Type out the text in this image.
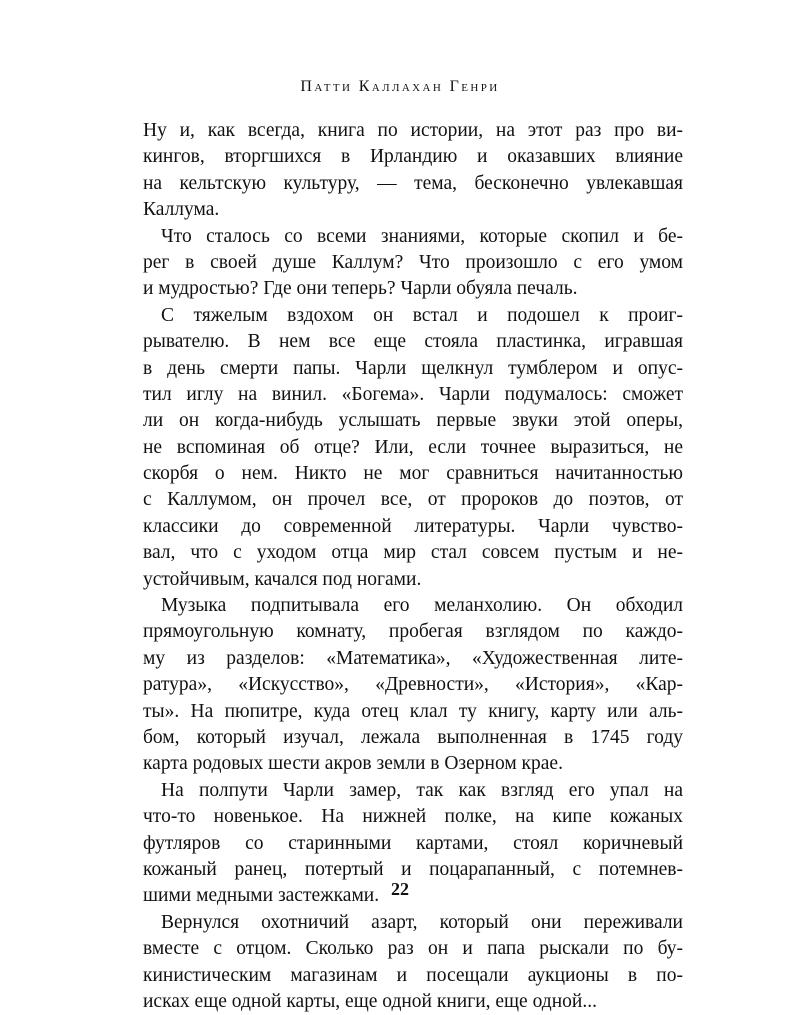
Патти Каллахан Генри
Ну и, как всегда, книга по истории, на этот раз про ви-
кингов, вторгшихся в Ирландию и оказавших влияние
на кельтскую культуру, — тема, бесконечно увлекавшая
Каллума.
Что сталось со всеми знаниями, которые скопил и бе-
рег в своей душе Каллум? Что произошло с его умом
и мудростью? Где они теперь? Чарли обуяла печаль.
С тяжелым вздохом он встал и подошел к проиг-
рывателю. В нем все еще стояла пластинка, игравшая
в день смерти папы. Чарли щелкнул тумблером и опус-
тил иглу на винил. «Богема». Чарли подумалось: сможет
ли он когда-нибудь услышать первые звуки этой оперы,
не вспоминая об отце? Или, если точнее выразиться, не
скорбя о нем. Никто не мог сравниться начитанностью
с Каллумом, он прочел все, от пророков до поэтов, от
классики до современной литературы. Чарли чувство-
вал, что с уходом отца мир стал совсем пустым и не-
устойчивым, качался под ногами.
Музыка подпитывала его меланхолию. Он обходил
прямоугольную комнату, пробегая взглядом по каждо-
му из разделов: «Математика», «Художественная лите-
ратура», «Искусство», «Древности», «История», «Кар-
ты». На пюпитре, куда отец клал ту книгу, карту или аль-
бом, который изучал, лежала выполненная в 1745 году
карта родовых шести акров земли в Озерном крае.
На полпути Чарли замер, так как взгляд его упал на
что-то новенькое. На нижней полке, на кипе кожаных
футляров со старинными картами, стоял коричневый
кожаный ранец, потертый и поцарапанный, с потемнев-
шими медными застежками.
Вернулся охотничий азарт, который они переживали
вместе с отцом. Сколько раз он и папа рыскали по бу-
кинистическим магазинам и посещали аукционы в по-
исках еще одной карты, еще одной книги, еще одной...
22
